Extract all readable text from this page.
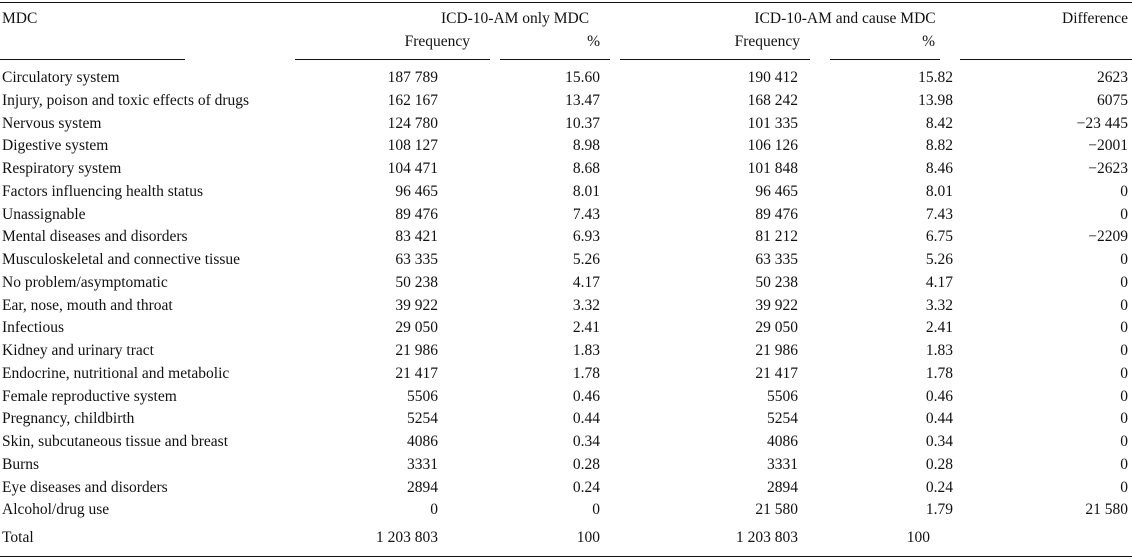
MDC	ICD-10-AM only MDC	ICD-10-AM and cause MDC	Difference
Frequency	%	Frequency	%
Circulatory system	187 789	15.60	190 412	15.82	2623
Injury, poison and toxic effects of drugs	162 167	13.47	168 242	13.98	6075
Nervous system	124 780	10.37	101 335	8.42	−23 445
Digestive system	108 127	8.98	106 126	8.82	−2001
Respiratory system	104 471	8.68	101 848	8.46	−2623
Factors influencing health status	96 465	8.01	96 465	8.01	0
Unassignable	89 476	7.43	89 476	7.43	0
Mental diseases and disorders	83 421	6.93	81 212	6.75	−2209
Musculoskeletal and connective tissue	63 335	5.26	63 335	5.26	0
No problem/asymptomatic	50 238	4.17	50 238	4.17	0
Ear, nose, mouth and throat	39 922	3.32	39 922	3.32	0
Infectious	29 050	2.41	29 050	2.41	0
Kidney and urinary tract	21 986	1.83	21 986	1.83	0
Endocrine, nutritional and metabolic	21 417	1.78	21 417	1.78	0
Female reproductive system	5506	0.46	5506	0.46	0
Pregnancy, childbirth	5254	0.44	5254	0.44	0
Skin, subcutaneous tissue and breast	4086	0.34	4086	0.34	0
Burns	3331	0.28	3331	0.28	0
Eye diseases and disorders	2894	0.24	2894	0.24	0
Alcohol/drug use	0	0	21 580	1.79	21 580
Total	1 203 803	100	1 203 803	100
